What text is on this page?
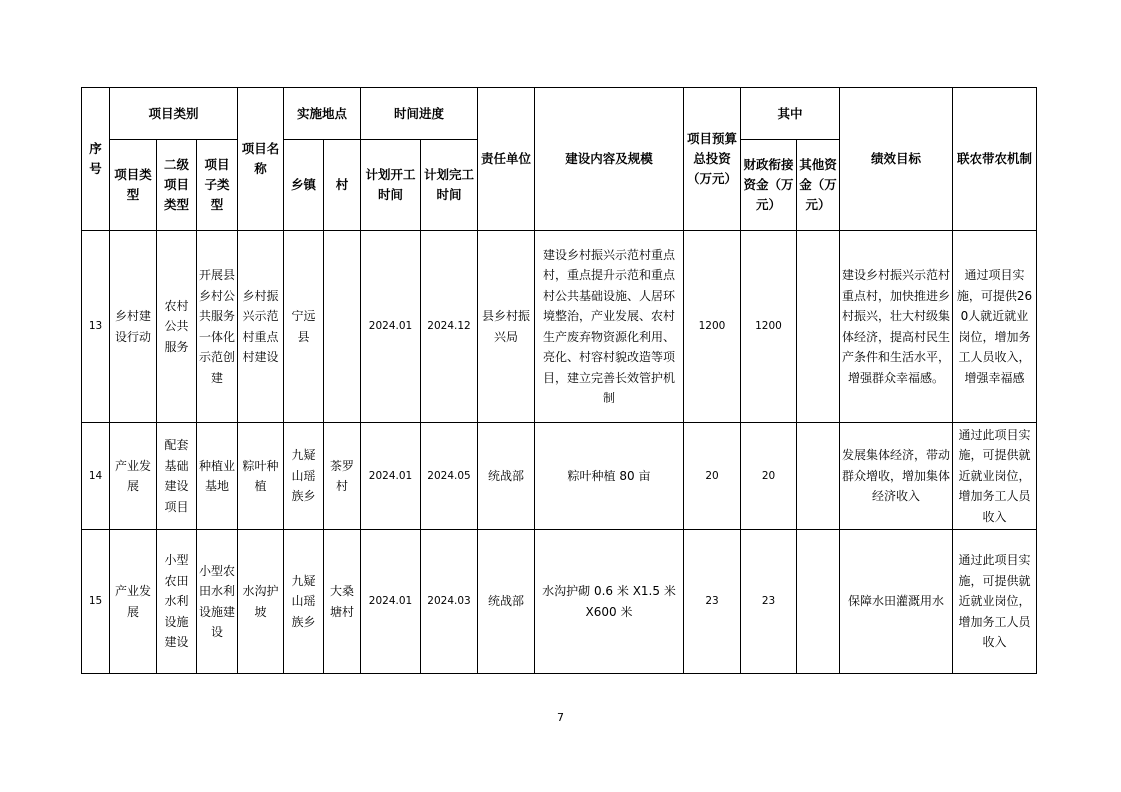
序号	项目类别			项目名称	实施地点		时间进度		责任单位	建设内容及规模	项目预算总投资（万元）	其中		绩效目标	联农带农机制
	项目类型	二级项目类型	项目子类型		乡镇	村	计划开工时间	计划完工时间				财政衔接资金（万元）	其他资金（万元）		
13	乡村建设行动	农村公共服务	开展县乡村公共服务一体化示范创建	乡村振兴示范村重点村建设	宁远县		2024.01	2024.12	县乡村振兴局	建设乡村振兴示范村重点村，重点提升示范和重点村公共基础设施、人居环境整治，产业发展、农村生产废弃物资源化利用、亮化、村容村貌改造等项目，建立完善长效管护机制	1200	1200		建设乡村振兴示范村重点村，加快推进乡村振兴，壮大村级集体经济，提高村民生产条件和生活水平，增强群众幸福感。	通过项目实施，可提供260人就近就业岗位，增加务工人员收入，增强幸福感
14	产业发展	配套基础建设项目	种植业基地	粽叶种植	九疑山瑶族乡	茶罗村	2024.01	2024.05	统战部	粽叶种植 80 亩	20	20		发展集体经济，带动群众增收，增加集体经济收入	通过此项目实施，可提供就近就业岗位，增加务工人员收入
15	产业发展	小型农田水利设施建设	小型农田水利设施建设	水沟护坡	九疑山瑶族乡	大桑塘村	2024.01	2024.03	统战部	水沟护砌 0.6 米 X1.5 米 X600 米	23	23		保障水田灌溉用水	通过此项目实施，可提供就近就业岗位，增加务工人员收入
7
